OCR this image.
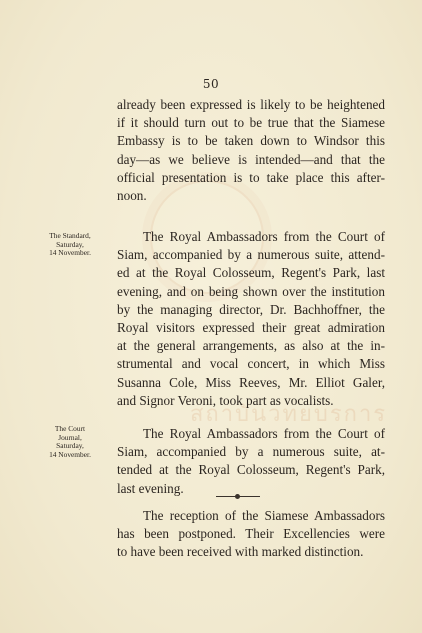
สถาบันวทยบรการ
50

already been expressed is likely to be heightened
if it should turn out to be true that the Siamese
Embassy is to be taken down to Windsor this
day—as we believe is intended—and that the
official presentation is to take place this after-
noon.

The Standard,
Saturday,
14 November.

The Royal Ambassadors from the Court of
Siam, accompanied by a numerous suite, attend-
ed at the Royal Colosseum, Regent's Park, last
evening, and on being shown over the institution
by the managing director, Dr. Bachhoffner, the
Royal visitors expressed their great admiration
at the general arrangements, as also at the in-
strumental and vocal concert, in which Miss
Susanna Cole, Miss Reeves, Mr. Elliot Galer,
and Signor Veroni, took part as vocalists.

The Court
Journal,
Saturday,
14 November.

The Royal Ambassadors from the Court of
Siam, accompanied by a numerous suite, at-
tended at the Royal Colosseum, Regent's Park,
last evening.

The reception of the Siamese Ambassadors
has been postponed. Their Excellencies were
to have been received with marked distinction.
